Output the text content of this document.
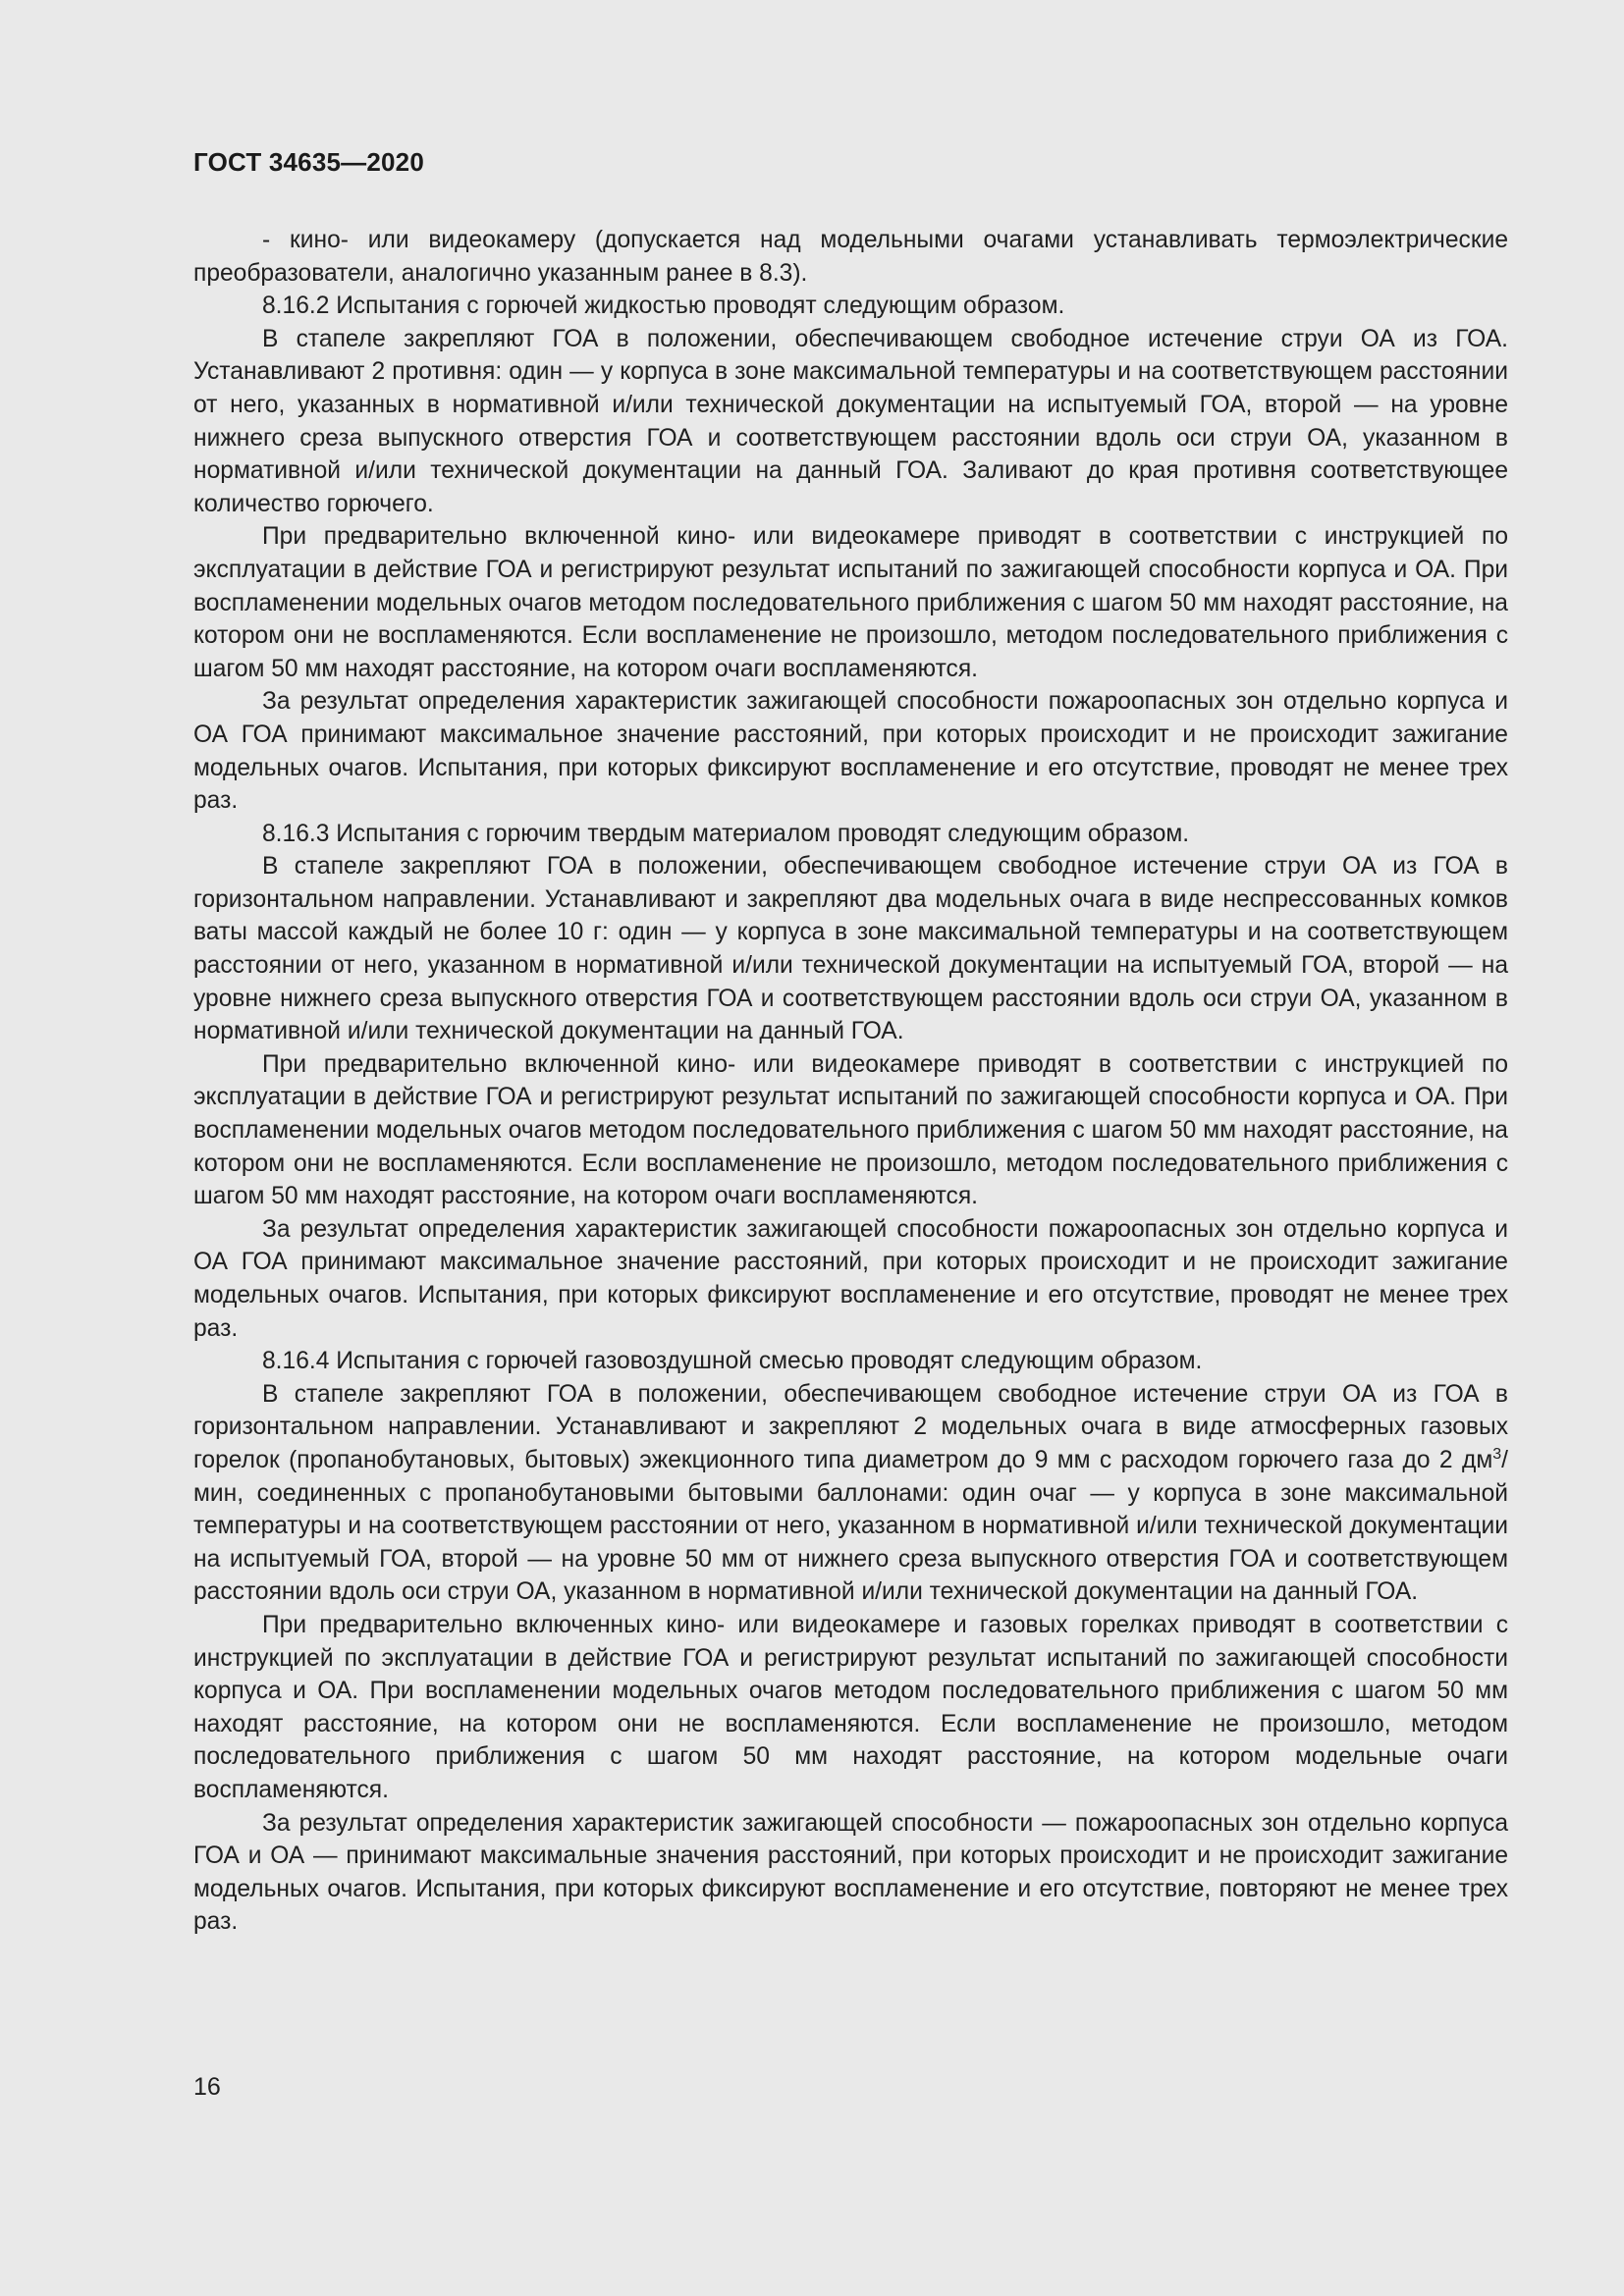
ГОСТ 34635—2020

- кино- или видеокамеру (допускается над модельными очагами устанавливать термоэлектрические преобразователи, аналогично указанным ранее в 8.3).

8.16.2 Испытания с горючей жидкостью проводят следующим образом.

В стапеле закрепляют ГОА в положении, обеспечивающем свободное истечение струи ОА из ГОА. Устанавливают 2 противня: один — у корпуса в зоне максимальной температуры и на соответствующем расстоянии от него, указанных в нормативной и/или технической документации на испытуемый ГОА, второй — на уровне нижнего среза выпускного отверстия ГОА и соответствующем расстоянии вдоль оси струи ОА, указанном в нормативной и/или технической документации на данный ГОА. Заливают до края противня соответствующее количество горючего.

При предварительно включенной кино- или видеокамере приводят в соответствии с инструкцией по эксплуатации в действие ГОА и регистрируют результат испытаний по зажигающей способности корпуса и ОА. При воспламенении модельных очагов методом последовательного приближения с шагом 50 мм находят расстояние, на котором они не воспламеняются. Если воспламенение не произошло, методом последовательного приближения с шагом 50 мм находят расстояние, на котором очаги воспламеняются.

За результат определения характеристик зажигающей способности пожароопасных зон отдельно корпуса и ОА ГОА принимают максимальное значение расстояний, при которых происходит и не происходит зажигание модельных очагов. Испытания, при которых фиксируют воспламенение и его отсутствие, проводят не менее трех раз.

8.16.3 Испытания с горючим твердым материалом проводят следующим образом.

В стапеле закрепляют ГОА в положении, обеспечивающем свободное истечение струи ОА из ГОА в горизонтальном направлении. Устанавливают и закрепляют два модельных очага в виде неспрессованных комков ваты массой каждый не более 10 г: один — у корпуса в зоне максимальной температуры и на соответствующем расстоянии от него, указанном в нормативной и/или технической документации на испытуемый ГОА, второй — на уровне нижнего среза выпускного отверстия ГОА и соответствующем расстоянии вдоль оси струи ОА, указанном в нормативной и/или технической документации на данный ГОА.

При предварительно включенной кино- или видеокамере приводят в соответствии с инструкцией по эксплуатации в действие ГОА и регистрируют результат испытаний по зажигающей способности корпуса и ОА. При воспламенении модельных очагов методом последовательного приближения с шагом 50 мм находят расстояние, на котором они не воспламеняются. Если воспламенение не произошло, методом последовательного приближения с шагом 50 мм находят расстояние, на котором очаги воспламеняются.

За результат определения характеристик зажигающей способности пожароопасных зон отдельно корпуса и ОА ГОА принимают максимальное значение расстояний, при которых происходит и не происходит зажигание модельных очагов. Испытания, при которых фиксируют воспламенение и его отсутствие, проводят не менее трех раз.

8.16.4 Испытания с горючей газовоздушной смесью проводят следующим образом.

В стапеле закрепляют ГОА в положении, обеспечивающем свободное истечение струи ОА из ГОА в горизонтальном направлении. Устанавливают и закрепляют 2 модельных очага в виде атмосферных газовых горелок (пропанобутановых, бытовых) эжекционного типа диаметром до 9 мм с расходом горючего газа до 2 $дм^3$/мин, соединенных с пропанобутановыми бытовыми баллонами: один очаг — у корпуса в зоне максимальной температуры и на соответствующем расстоянии от него, указанном в нормативной и/или технической документации на испытуемый ГОА, второй — на уровне 50 мм от нижнего среза выпускного отверстия ГОА и соответствующем расстоянии вдоль оси струи ОА, указанном в нормативной и/или технической документации на данный ГОА.

При предварительно включенных кино- или видеокамере и газовых горелках приводят в соответствии с инструкцией по эксплуатации в действие ГОА и регистрируют результат испытаний по зажигающей способности корпуса и ОА. При воспламенении модельных очагов методом последовательного приближения с шагом 50 мм находят расстояние, на котором они не воспламеняются. Если воспламенение не произошло, методом последовательного приближения с шагом 50 мм находят расстояние, на котором модельные очаги воспламеняются.

За результат определения характеристик зажигающей способности — пожароопасных зон отдельно корпуса ГОА и ОА — принимают максимальные значения расстояний, при которых происходит и не происходит зажигание модельных очагов. Испытания, при которых фиксируют воспламенение и его отсутствие, повторяют не менее трех раз.

16
